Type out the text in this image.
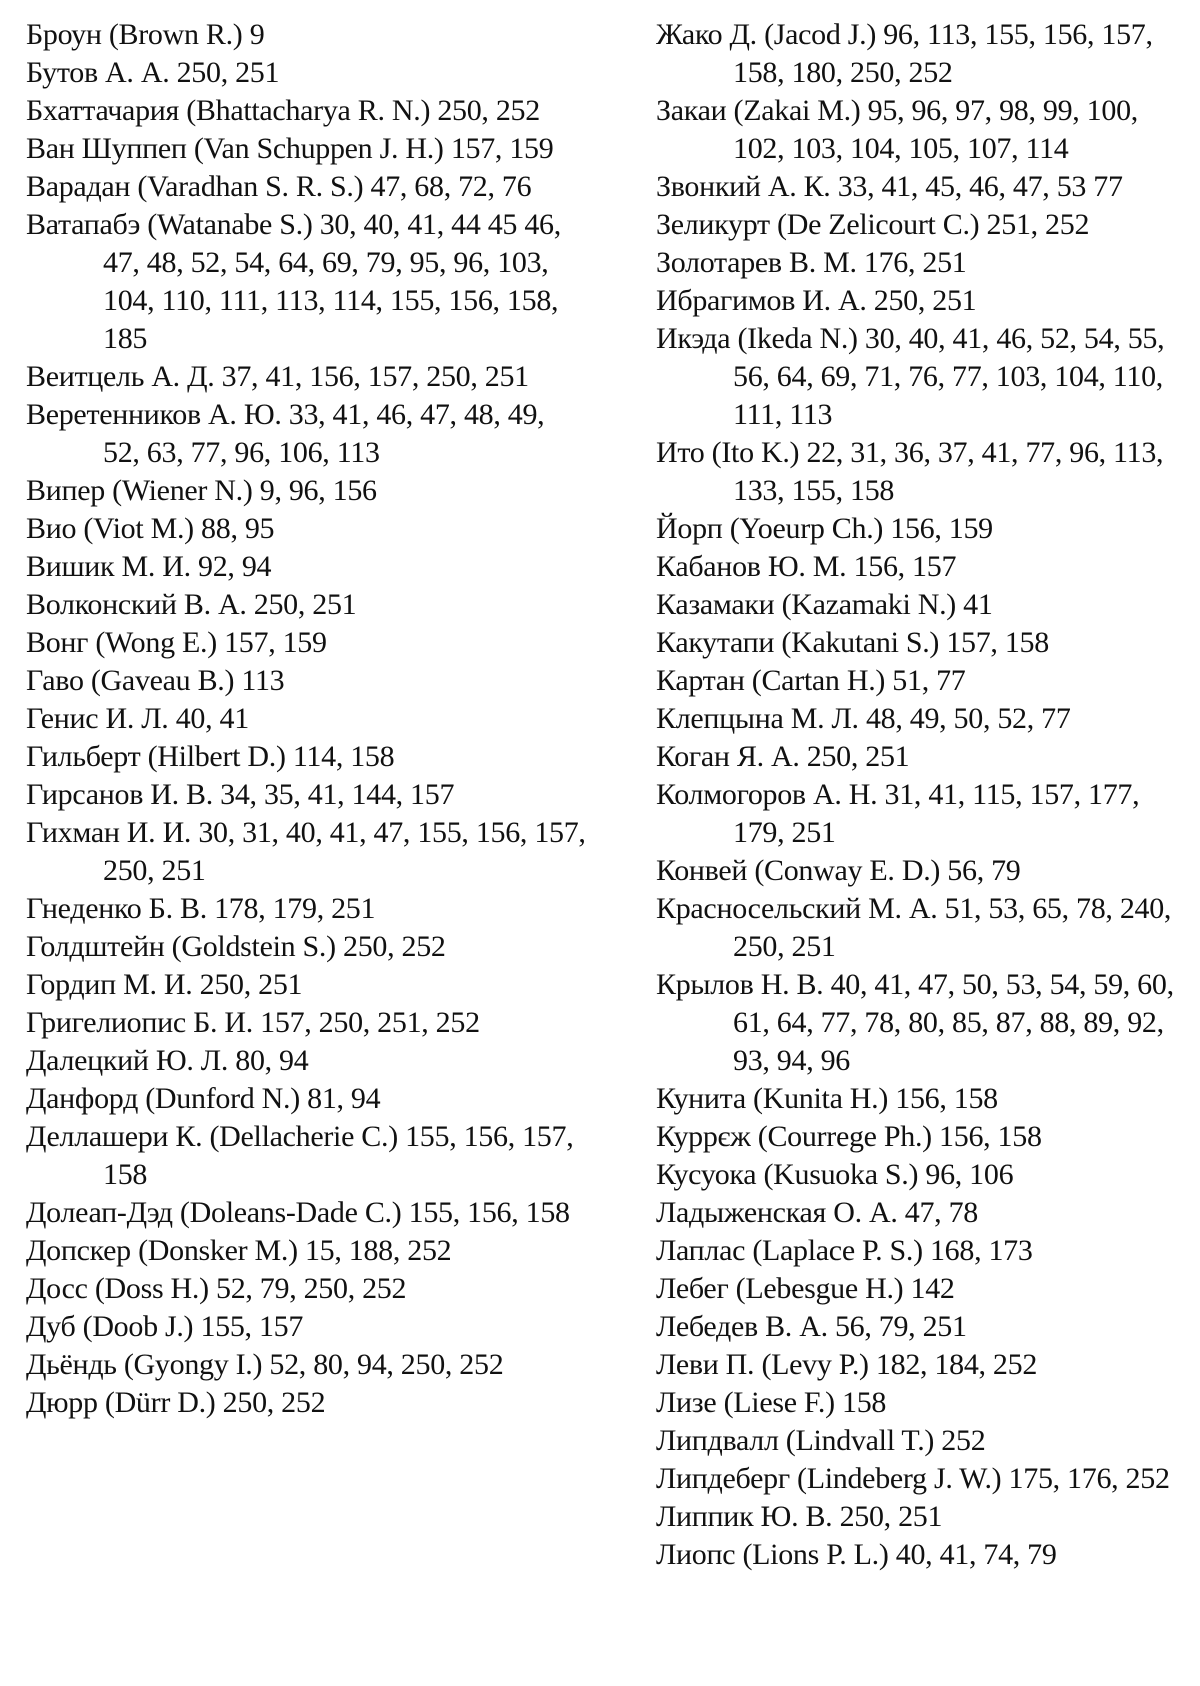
Броун (Brown R.) 9
Бутов А. А. 250, 251
Бхаттачария (Bhattacharya R. N.) 250, 252
Ван Шуппеп (Van Schuppen J. H.) 157, 159
Варадан (Varadhan S. R. S.) 47, 68, 72, 76
Ватапабэ (Watanabe S.) 30, 40, 41, 44 45 46, 47, 48, 52, 54, 64, 69, 79, 95, 96, 103, 104, 110, 111, 113, 114, 155, 156, 158, 185
Веитцель А. Д. 37, 41, 156, 157, 250, 251
Веретенников А. Ю. 33, 41, 46, 47, 48, 49, 52, 63, 77, 96, 106, 113
Випер (Wiener N.) 9, 96, 156
Вио (Viot M.) 88, 95
Вишик М. И. 92, 94
Волконский В. А. 250, 251
Вонг (Wong E.) 157, 159
Гаво (Gaveau B.) 113
Генис И. Л. 40, 41
Гильберт (Hilbert D.) 114, 158
Гирсанов И. В. 34, 35, 41, 144, 157
Гихман И. И. 30, 31, 40, 41, 47, 155, 156, 157, 250, 251
Гнеденко Б. В. 178, 179, 251
Голдштейн (Goldstein S.) 250, 252
Гордип М. И. 250, 251
Григелиопис Б. И. 157, 250, 251, 252
Далецкий Ю. Л. 80, 94
Данфорд (Dunford N.) 81, 94
Деллашери К. (Dellacherie C.) 155, 156, 157, 158
Долеап-Дэд (Doleans-Dade C.) 155, 156, 158
Допскер (Donsker M.) 15, 188, 252
Досс (Doss H.) 52, 79, 250, 252
Дуб (Doob J.) 155, 157
Дьёндь (Gyongy I.) 52, 80, 94, 250, 252
Дюрр (Dürr D.) 250, 252
Жако Д. (Jacod J.) 96, 113, 155, 156, 157, 158, 180, 250, 252
Закаи (Zakai M.) 95, 96, 97, 98, 99, 100, 102, 103, 104, 105, 107, 114
Звонкий А. К. 33, 41, 45, 46, 47, 53 77
Зеликурт (De Zelicourt C.) 251, 252
Золотарев В. М. 176, 251
Ибрагимов И. А. 250, 251
Икэда (Ikeda N.) 30, 40, 41, 46, 52, 54, 55, 56, 64, 69, 71, 76, 77, 103, 104, 110, 111, 113
Ито (Ito K.) 22, 31, 36, 37, 41, 77, 96, 113, 133, 155, 158
Йорп (Yoeurp Ch.) 156, 159
Кабанов Ю. М. 156, 157
Казамаки (Kazamaki N.) 41
Какутапи (Kakutani S.) 157, 158
Картан (Cartan H.) 51, 77
Клепцына М. Л. 48, 49, 50, 52, 77
Коган Я. А. 250, 251
Колмогоров А. Н. 31, 41, 115, 157, 177, 179, 251
Конвей (Conway E. D.) 56, 79
Красносельский М. А. 51, 53, 65, 78, 240, 250, 251
Крылов Н. В. 40, 41, 47, 50, 53, 54, 59, 60, 61, 64, 77, 78, 80, 85, 87, 88, 89, 92, 93, 94, 96
Кунита (Kunita H.) 156, 158
Куррєж (Courrege Ph.) 156, 158
Кусуока (Kusuoka S.) 96, 106
Ладыженская О. А. 47, 78
Лаплас (Laplace P. S.) 168, 173
Лебег (Lebesgue H.) 142
Лебедев В. А. 56, 79, 251
Леви П. (Levy P.) 182, 184, 252
Лизе (Liese F.) 158
Липдвалл (Lindvall T.) 252
Липдеберг (Lindeberg J. W.) 175, 176, 252
Липпик Ю. В. 250, 251
Лиопс (Lions P. L.) 40, 41, 74, 79
